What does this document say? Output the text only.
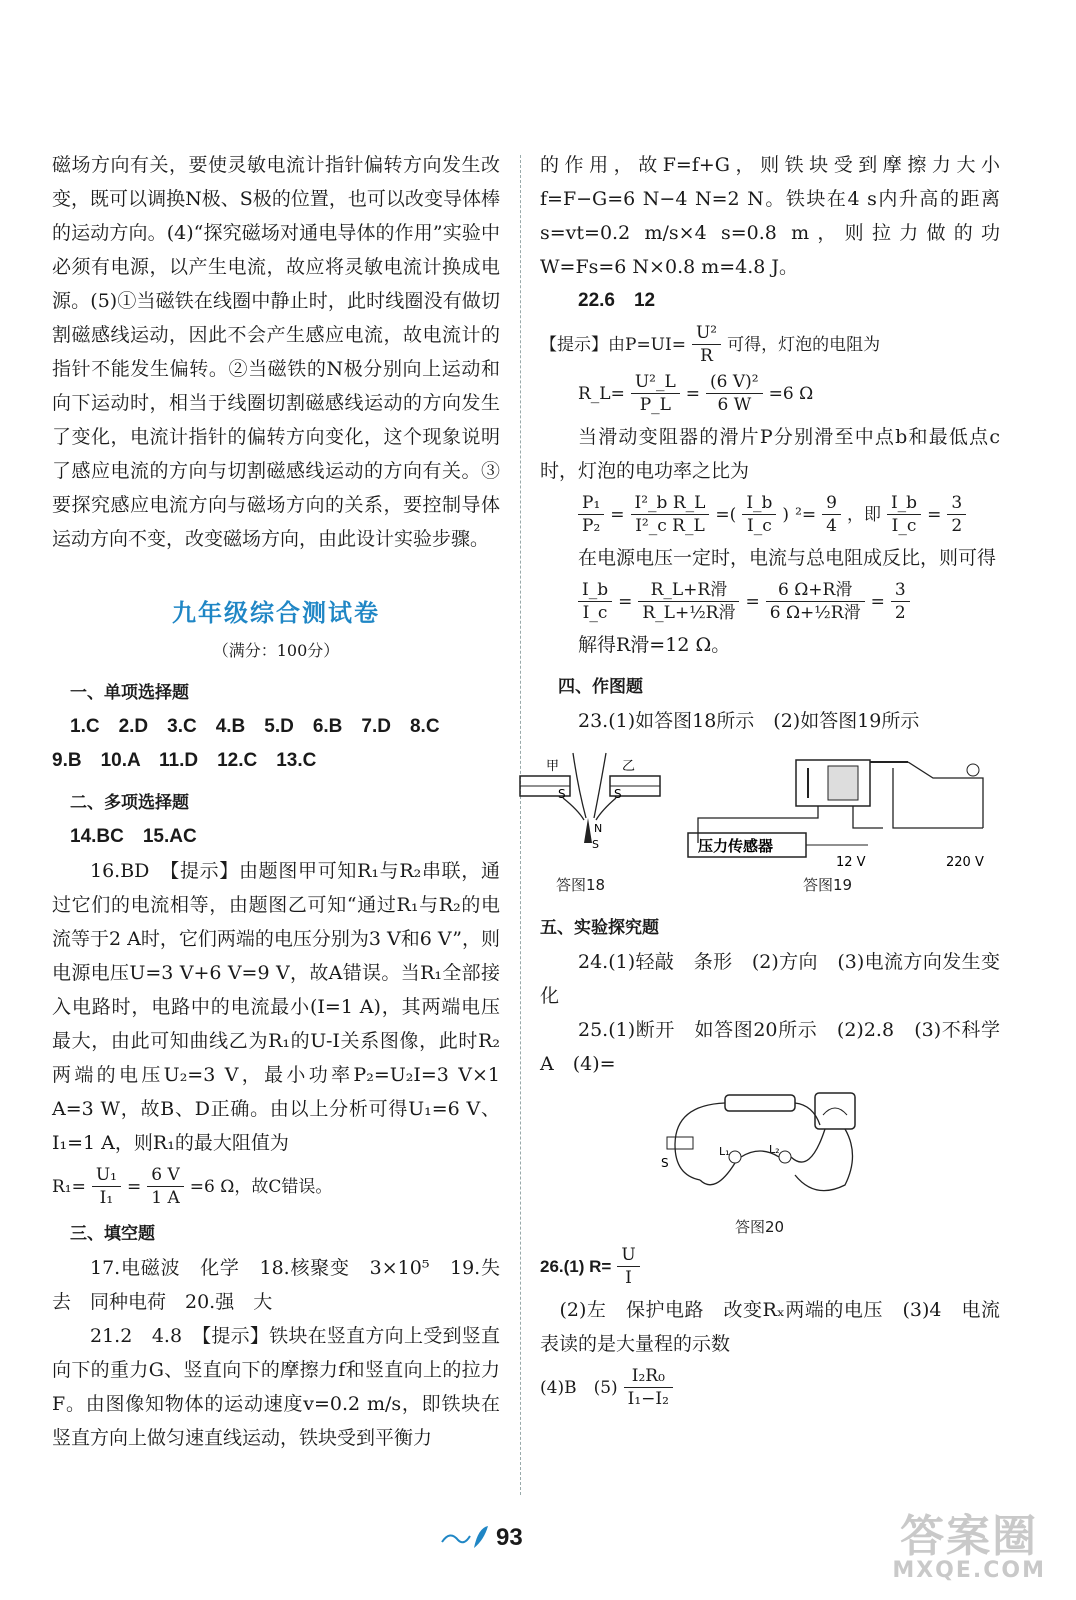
磁场方向有关，要使灵敏电流计指针偏转方向发生改变，既可以调换N极、S极的位置，也可以改变导体棒的运动方向。(4)“探究磁场对通电导体的作用”实验中必须有电源，以产生电流，故应将灵敏电流计换成电源。(5)①当磁铁在线圈中静止时，此时线圈没有做切割磁感线运动，因此不会产生感应电流，故电流计的指针不能发生偏转。②当磁铁的N极分别向上运动和向下运动时，相当于线圈切割磁感线运动的方向发生了变化，电流计指针的偏转方向变化，这个现象说明了感应电流的方向与切割磁感线运动的方向有关。③要探究感应电流方向与磁场方向的关系，要控制导体运动方向不变，改变磁场方向，由此设计实验步骤。

九年级综合测试卷
（满分：100分）
一、单项选择题

1.C　2.D　3.C　4.B　5.D　6.B　7.D　8.C

9.B　10.A　11.D　12.C　13.C

二、多项选择题

14.BC　15.AC

16.BD　【提示】由题图甲可知R₁与R₂串联，通过它们的电流相等，由题图乙可知“通过R₁与R₂的电流等于2 A时，它们两端的电压分别为3 V和6 V”，则电源电压U=3 V+6 V=9 V，故A错误。当R₁全部接入电路时，电路中的电流最小(I=1 A)，其两端电压最大，由此可知曲线乙为R₁的U-I关系图像，此时R₂两端的电压U₂=3 V，最小功率P₂=U₂I=3 V×1 A=3 W，故B、D正确。由以上分析可得U₁=6 V、I₁=1 A，则R₁的最大阻值为

$R_1= \frac{\text{U₁}}{\text{I₁}} = \frac{6 V}{1 A} =6$ Ω，故C错误。
三、填空题

17.电磁波　化学　18.核聚变　3×10⁵　19.失去　同种电荷　20.强　大

21.2　4.8　【提示】铁块在竖直方向上受到竖直向下的重力G、竖直向下的摩擦力f和竖直向上的拉力F。由图像知物体的运动速度v=0.2 m/s，即铁块在竖直方向上做匀速直线运动，铁块受到平衡力

的作用，故F=f+G，则铁块受到摩擦力大小f=F−G=6 N−4 N=2 N。铁块在4 s内升高的距离s=vt=0.2 m/s×4 s=0.8 m，则拉力做的功W=Fs=6 N×0.8 m=4.8 J。

22.6　12

【提示】由$P=UI= \frac{\text{U²}}{R}$ 可得，灯泡的电阻为
R_L= $\frac{\text{U²\_L}}{P\_L} = \frac{\text{(6 V)²}}{6 W} =6$ Ω

当滑动变阻器的滑片P分别滑至中点b和最低点c时，灯泡的电功率之比为

$\frac{\text{P₁}}{\text{P₂}} = \frac{\text{I²\_b R\_L}}{\text{I²\_c R\_L}}$ =( $\frac{I\_b}{I\_c}$ ) $^2= \frac{9}{4}$ ，即 $\frac{I\_b}{I\_c} = \frac{3}{2}$

在电源电压一定时，电流与总电阻成反比，则可得

$\frac{I\_b}{I\_c} = \frac{\text{R\_L+R滑}}{\text{R\_L+½R滑}} = \frac{\text{6 Ω+R滑}}{\text{6 Ω+½R滑}} = \frac{3}{2}$

解得R滑=12 Ω。

四、作图题

23.(1)如答图18所示　(2)如答图19所示

甲	乙
S	S
N
S
答图18
压力传感器
12 V	220 V
答图19
五、实验探究题

24.(1)轻敲　条形　(2)方向　(3)电流方向发生变化

25.(1)断开　如答图20所示　(2)2.8　(3)不科学　A　(4)=

S
L₁	L₂
答图20
26.(1) $R= \frac{U}{I}$

　(2)左　保护电路　改变Rₓ两端的电压　(3)4　电流表读的是大量程的示数

(4)B　$(5) \frac{\text{I₂R₀}}{\text{I₁−I₂}}$
93	答案圈
MXQE.COM
